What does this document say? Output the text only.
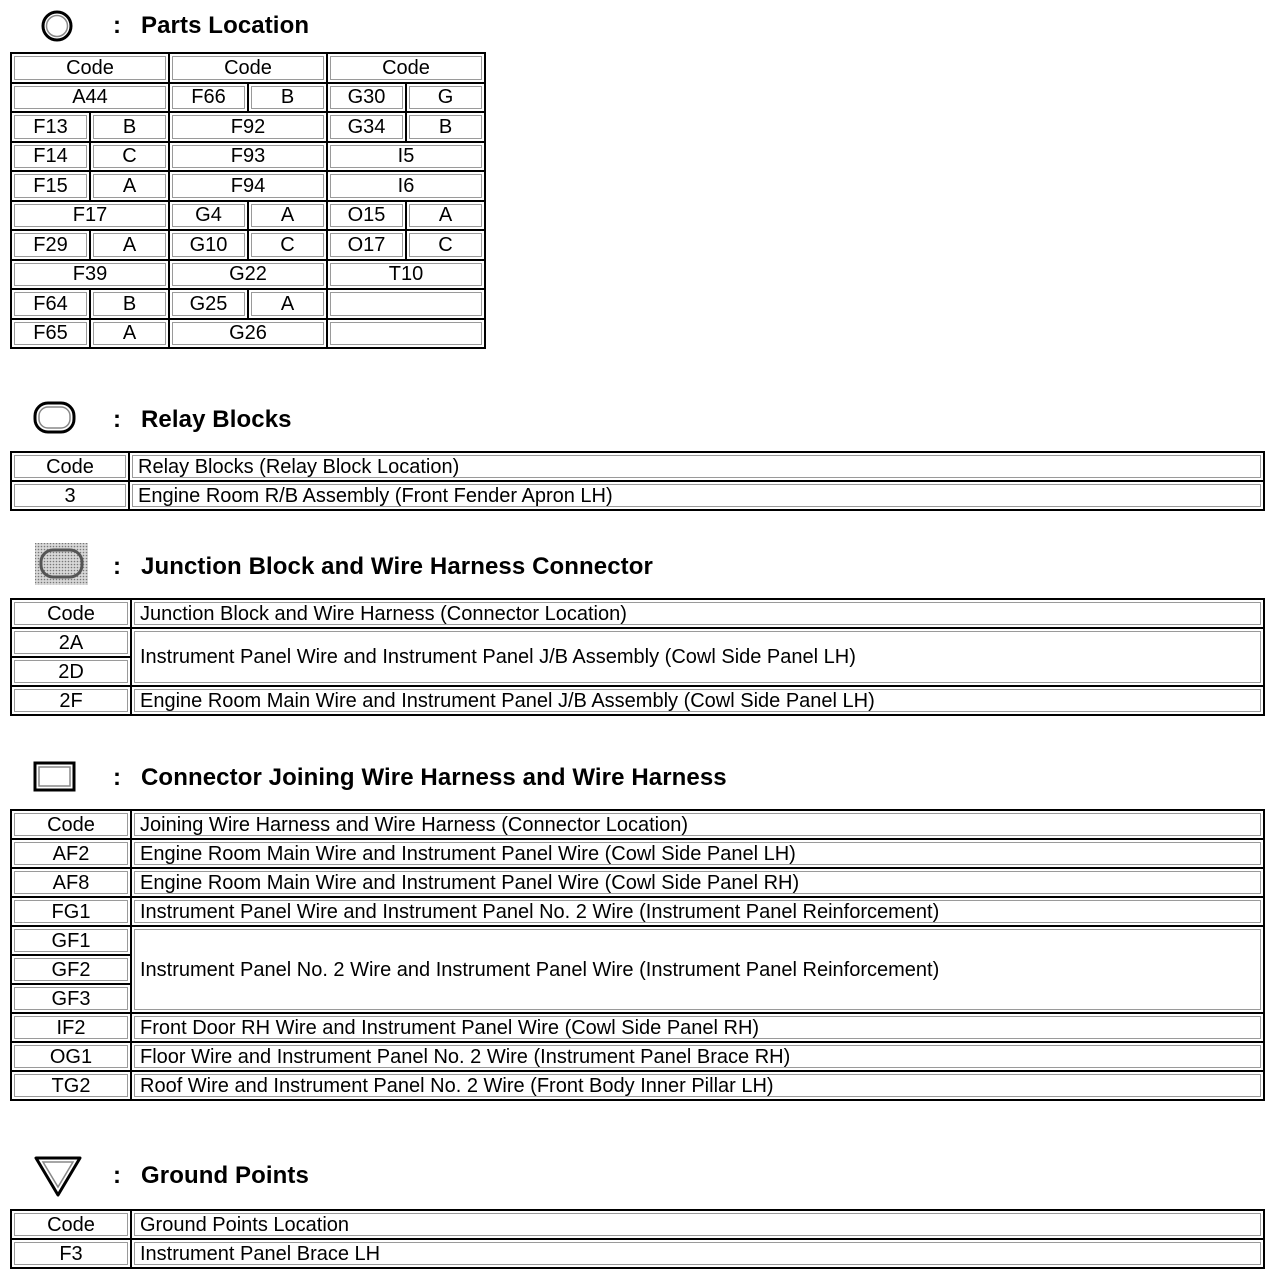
: Parts Location
Code		Code		Code	
A44		F66	B	G30	G
F13	B	F92		G34	B
F14	C	F93		I5	
F15	A	F94		I6	
F17		G4	A	O15	A
F29	A	G10	C	O17	C
F39		G22		T10	
F64	B	G25	A		
F65	A	G26			
: Relay Blocks
Code	Relay Blocks (Relay Block Location)
3	Engine Room R/B Assembly (Front Fender Apron LH)
: Junction Block and Wire Harness Connector
Code	Junction Block and Wire Harness (Connector Location)
2A	Instrument Panel Wire and Instrument Panel J/B Assembly (Cowl Side Panel LH)
2D	
2F	Engine Room Main Wire and Instrument Panel J/B Assembly (Cowl Side Panel LH)
: Connector Joining Wire Harness and Wire Harness
Code	Joining Wire Harness and Wire Harness (Connector Location)
AF2	Engine Room Main Wire and Instrument Panel Wire (Cowl Side Panel LH)
AF8	Engine Room Main Wire and Instrument Panel Wire (Cowl Side Panel RH)
FG1	Instrument Panel Wire and Instrument Panel No. 2 Wire (Instrument Panel Reinforcement)
GF1	Instrument Panel No. 2 Wire and Instrument Panel Wire (Instrument Panel Reinforcement)
GF2	
GF3	
IF2	Front Door RH Wire and Instrument Panel Wire (Cowl Side Panel RH)
OG1	Floor Wire and Instrument Panel No. 2 Wire (Instrument Panel Brace RH)
TG2	Roof Wire and Instrument Panel No. 2 Wire (Front Body Inner Pillar LH)
: Ground Points
Code	Ground Points Location
F3	Instrument Panel Brace LH
